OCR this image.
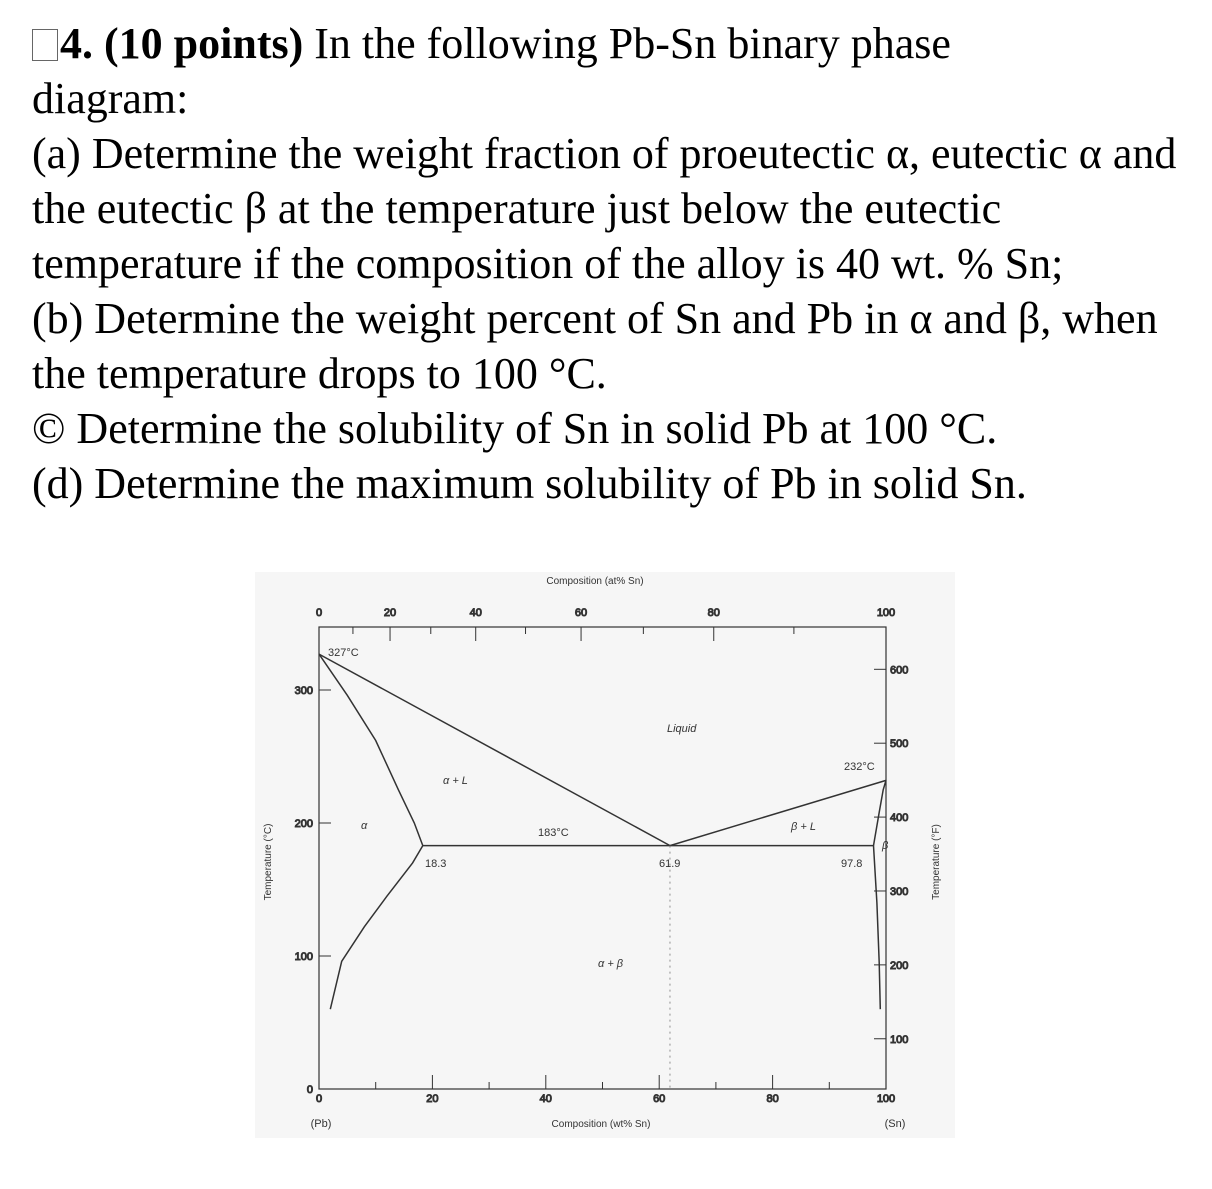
4. (10 points) In the following Pb-Sn binary phase

diagram:

(a) Determine the weight fraction of proeutectic α, eutectic α and the eutectic β at the temperature just below the eutectic temperature if the composition of the alloy is 40 wt. % Sn;

(b) Determine the weight percent of Sn and Pb in α and β, when the temperature drops to 100 °C.

© Determine the solubility of Sn in solid Pb at 100 °C.

(d) Determine the maximum solubility of Pb in solid Sn.

0	20	40	60	80	100
0	20	40	60	80	100
0
100
200
300
100
200
300
400
500
600
Composition (at% Sn)
Composition (wt% Sn)
Temperature (°C)	Temperature (°F)
(Pb)	(Sn)
327°C
232°C
183°C
18.3	61.9	97.8
Liquid
α + L
β + L
α + β
α
β
